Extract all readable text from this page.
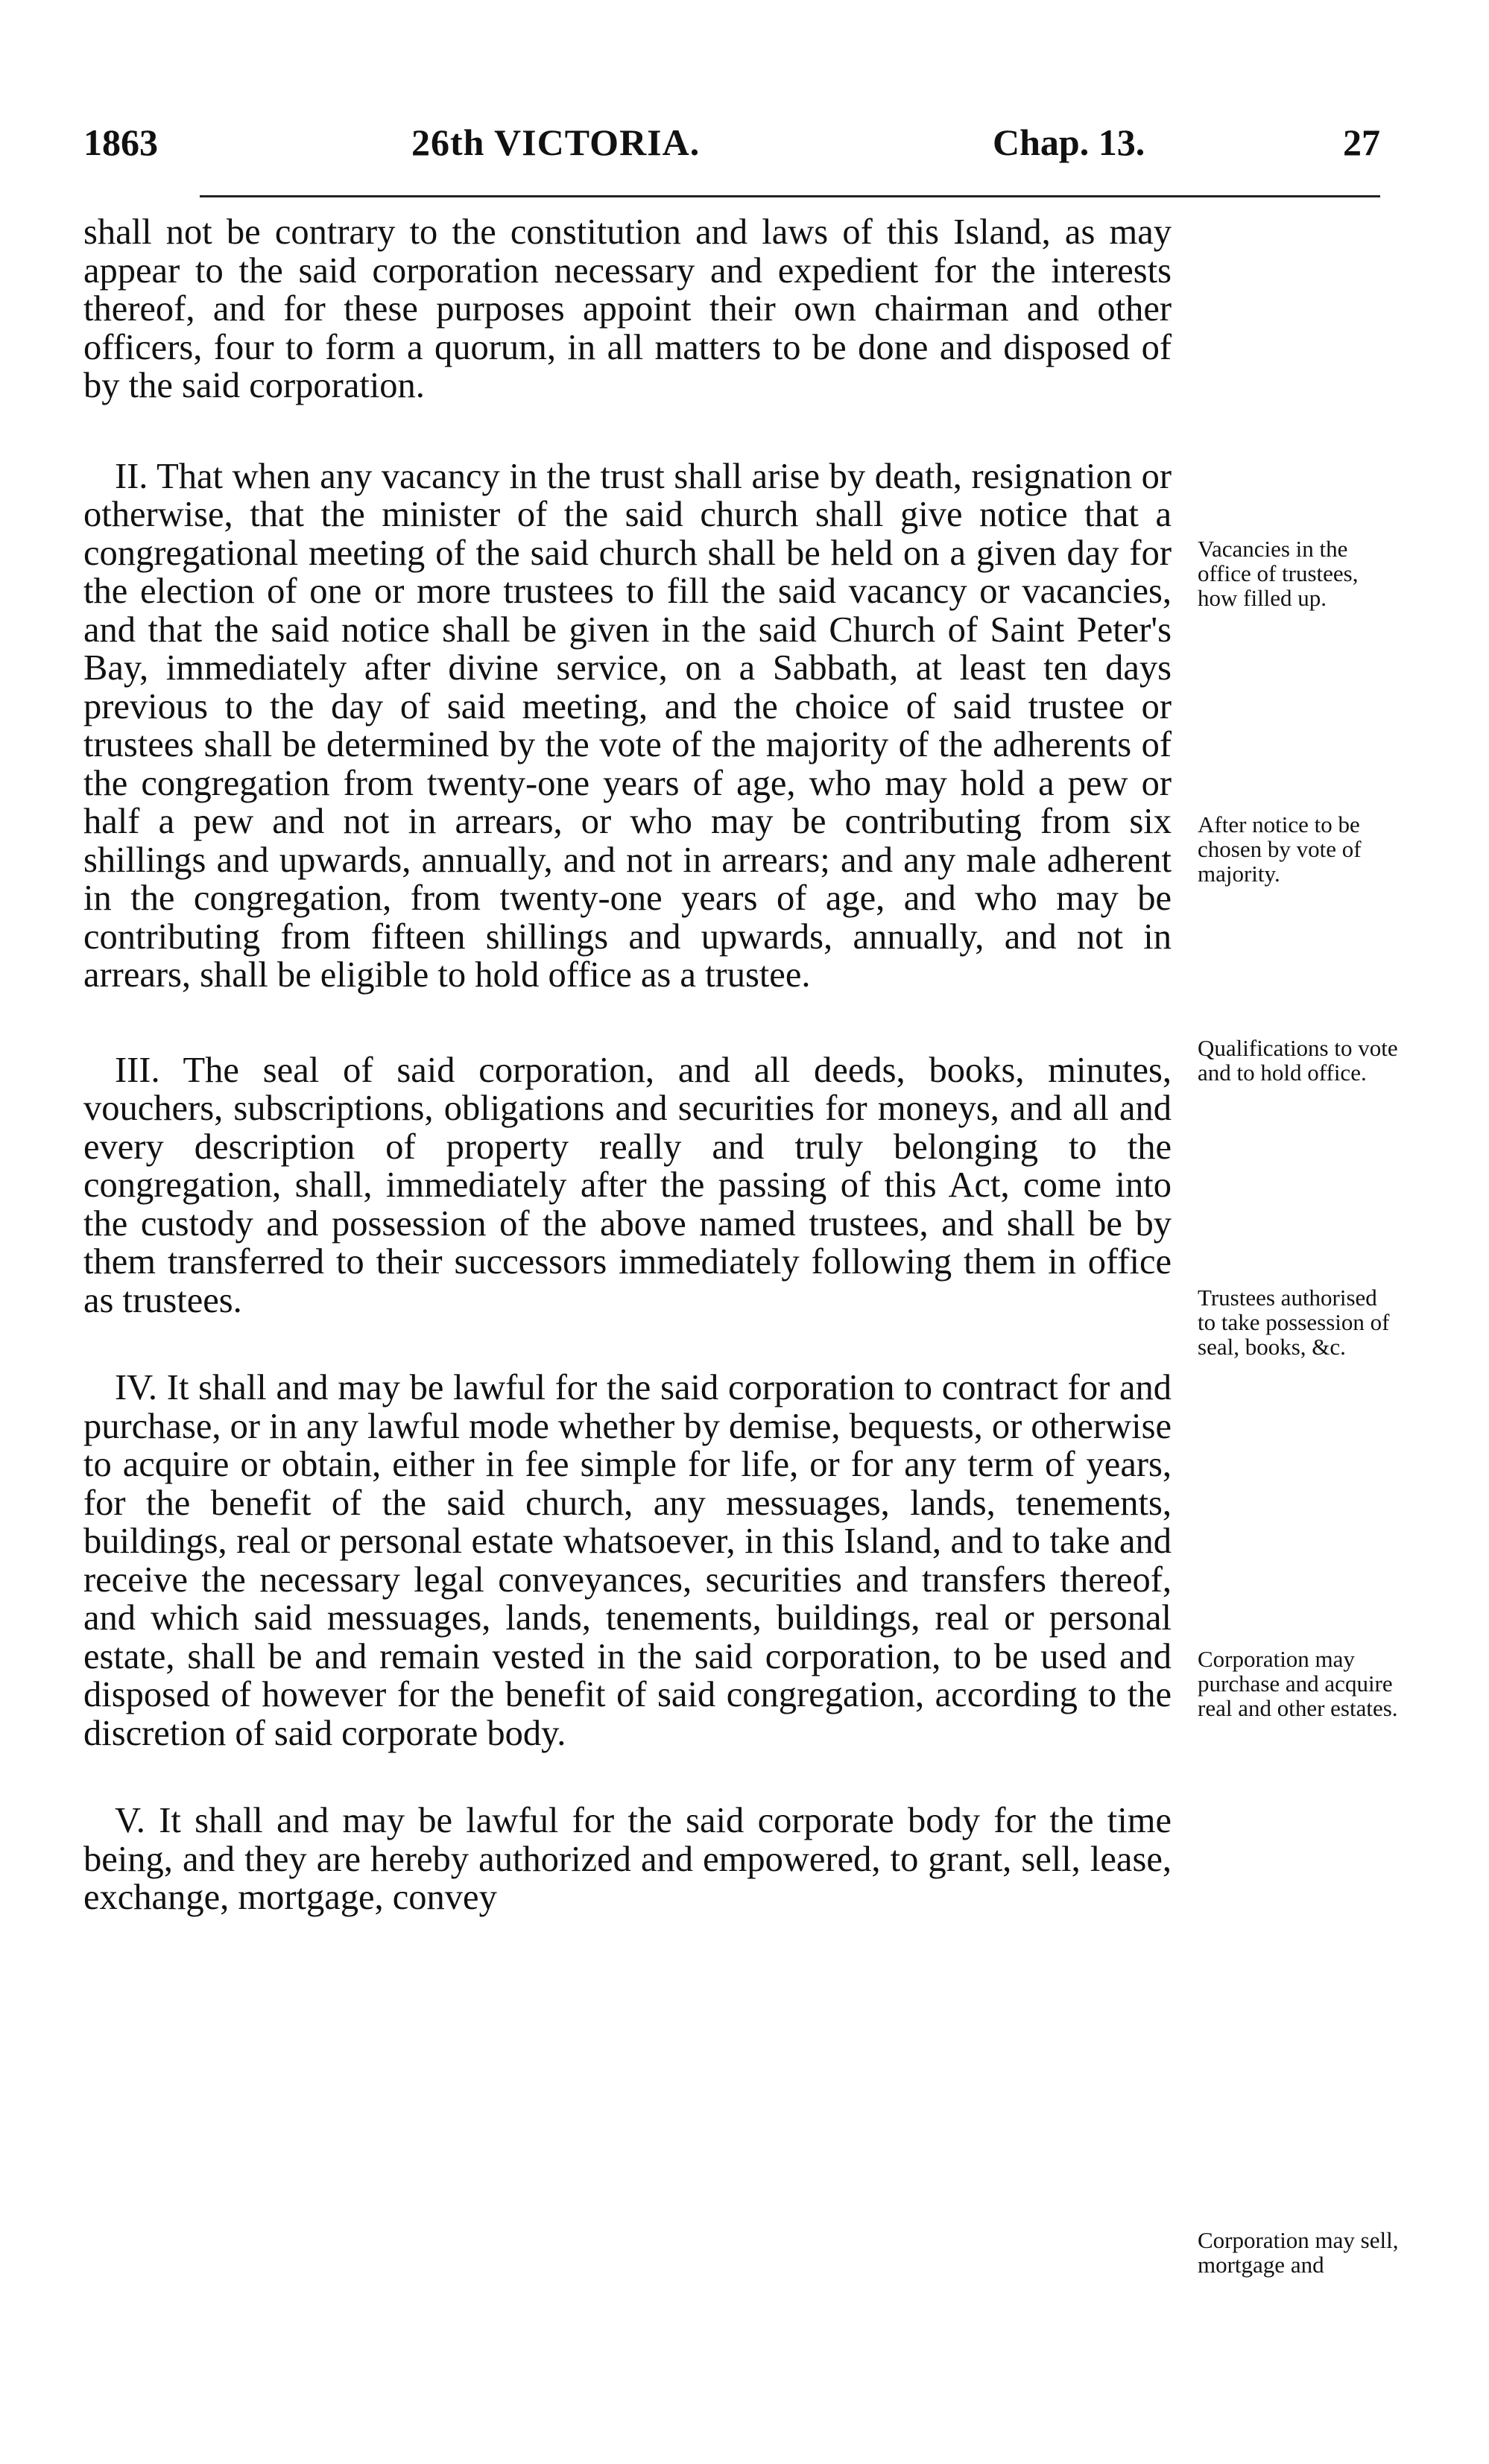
1863	26th VICTORIA.	Chap. 13.	27

shall not be contrary to the constitution and laws of this Island, as may appear to the said corporation necessary and expedient for the interests thereof, and for these purposes appoint their own chairman and other officers, four to form a quorum, in all matters to be done and disposed of by the said corporation.

II. That when any vacancy in the trust shall arise by death, resignation or otherwise, that the minister of the said church shall give notice that a congregational meeting of the said church shall be held on a given day for the election of one or more trustees to fill the said vacancy or vacancies, and that the said notice shall be given in the said Church of Saint Peter's Bay, immediately after divine service, on a Sabbath, at least ten days previous to the day of said meeting, and the choice of said trustee or trustees shall be determined by the vote of the majority of the adherents of the congregation from twenty-one years of age, who may hold a pew or half a pew and not in arrears, or who may be contributing from six shillings and upwards, annually, and not in arrears; and any male adherent in the congregation, from twenty-one years of age, and who may be contributing from fifteen shillings and upwards, annually, and not in arrears, shall be eligible to hold office as a trustee.

III. The seal of said corporation, and all deeds, books, minutes, vouchers, subscriptions, obligations and securities for moneys, and all and every description of property really and truly belonging to the congregation, shall, immediately after the passing of this Act, come into the custody and possession of the above named trustees, and shall be by them transferred to their successors immediately following them in office as trustees.

IV. It shall and may be lawful for the said corporation to contract for and purchase, or in any lawful mode whether by demise, bequests, or otherwise to acquire or obtain, either in fee simple for life, or for any term of years, for the benefit of the said church, any messuages, lands, tenements, buildings, real or personal estate whatsoever, in this Island, and to take and receive the necessary legal conveyances, securities and transfers thereof, and which said messuages, lands, tenements, buildings, real or personal estate, shall be and remain vested in the said corporation, to be used and disposed of however for the benefit of said congregation, according to the discretion of said corporate body.

V. It shall and may be lawful for the said corporate body for the time being, and they are hereby authorized and empowered, to grant, sell, lease, exchange, mortgage, convey

Vacancies in the office of trustees, how filled up.
After notice to be chosen by vote of majority.
Qualifications to vote and to hold office.
Trustees authorised to take possession of seal, books, &c.
Corporation may purchase and acquire real and other estates.
Corporation may sell, mortgage and
